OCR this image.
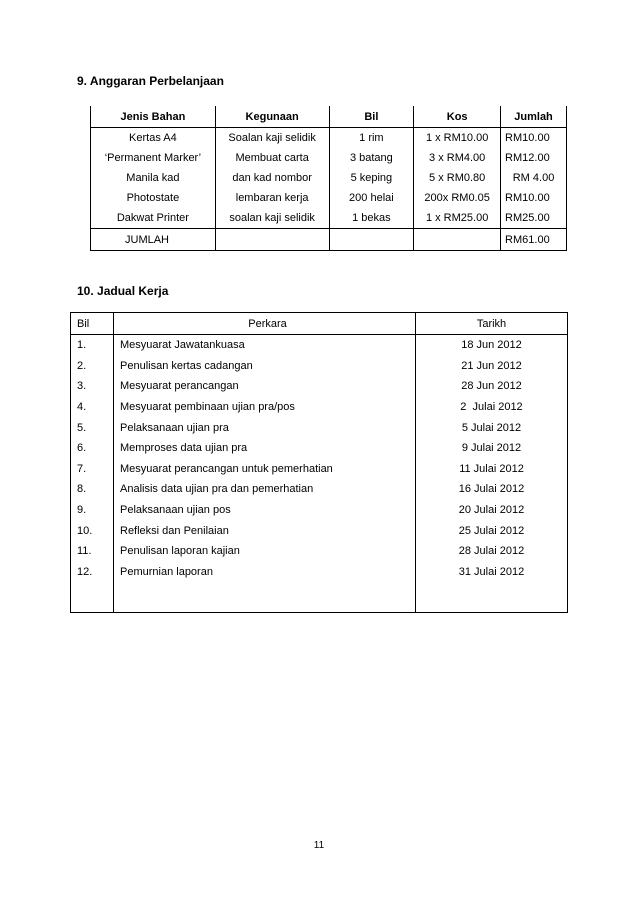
9. Anggaran Perbelanjaan
Jenis Bahan	Kegunaan	Bil	Kos	Jumlah
Kertas A4	Soalan kaji selidik	1 rim	1 x RM10.00	RM10.00
‘Permanent Marker’	Membuat carta	3 batang	3 x RM4.00	RM12.00
Manila kad	dan kad nombor	5 keping	5 x RM0.80	RM 4.00
Photostate	lembaran kerja	200 helai	200x RM0.05	RM10.00
Dakwat Printer	soalan kaji selidik	1 bekas	1 x RM25.00	RM25.00
JUMLAH				RM61.00
10. Jadual Kerja
Bil	Perkara	Tarikh
1.	Mesyuarat Jawatankuasa	18 Jun 2012
2.	Penulisan kertas cadangan	21 Jun 2012
3.	Mesyuarat perancangan	28 Jun 2012
4.	Mesyuarat pembinaan ujian pra/pos	2  Julai 2012
5.	Pelaksanaan ujian pra	5 Julai 2012
6.	Memproses data ujian pra	9 Julai 2012
7.	Mesyuarat perancangan untuk pemerhatian	11 Julai 2012
8.	Analisis data ujian pra dan pemerhatian	16 Julai 2012
9.	Pelaksanaan ujian pos	20 Julai 2012
10.	Refleksi dan Penilaian	25 Julai 2012
11.	Penulisan laporan kajian	28 Julai 2012
12.	Pemurnian laporan	31 Julai 2012

11
